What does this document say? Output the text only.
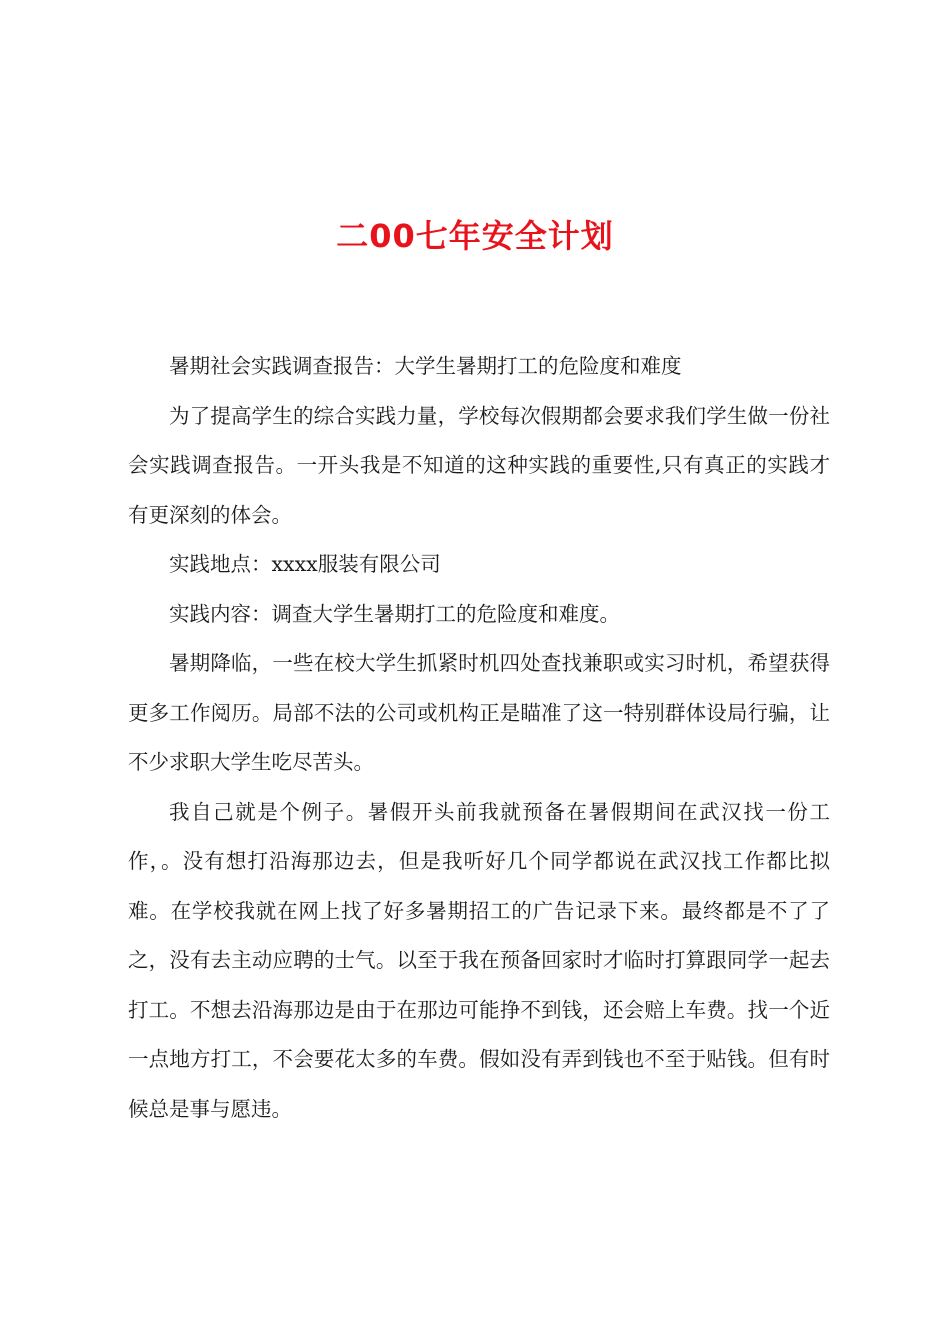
二00七年安全计划

暑期社会实践调查报告：大学生暑期打工的危险度和难度

为了提高学生的综合实践力量，学校每次假期都会要求我们学生做一份社会实践调查报告。一开头我是不知道的这种实践的重要性,只有真正的实践才有更深刻的体会。

实践地点：xxxx服装有限公司

实践内容：调查大学生暑期打工的危险度和难度。

暑期降临，一些在校大学生抓紧时机四处查找兼职或实习时机，希望获得更多工作阅历。局部不法的公司或机构正是瞄准了这一特别群体设局行骗，让不少求职大学生吃尽苦头。

我自己就是个例子。暑假开头前我就预备在暑假期间在武汉找一份工作，。没有想打沿海那边去，但是我听好几个同学都说在武汉找工作都比拟难。在学校我就在网上找了好多暑期招工的广告记录下来。最终都是不了了之，没有去主动应聘的士气。以至于我在预备回家时才临时打算跟同学一起去打工。不想去沿海那边是由于在那边可能挣不到钱，还会赔上车费。找一个近一点地方打工，不会要花太多的车费。假如没有弄到钱也不至于贴钱。但有时候总是事与愿违。
